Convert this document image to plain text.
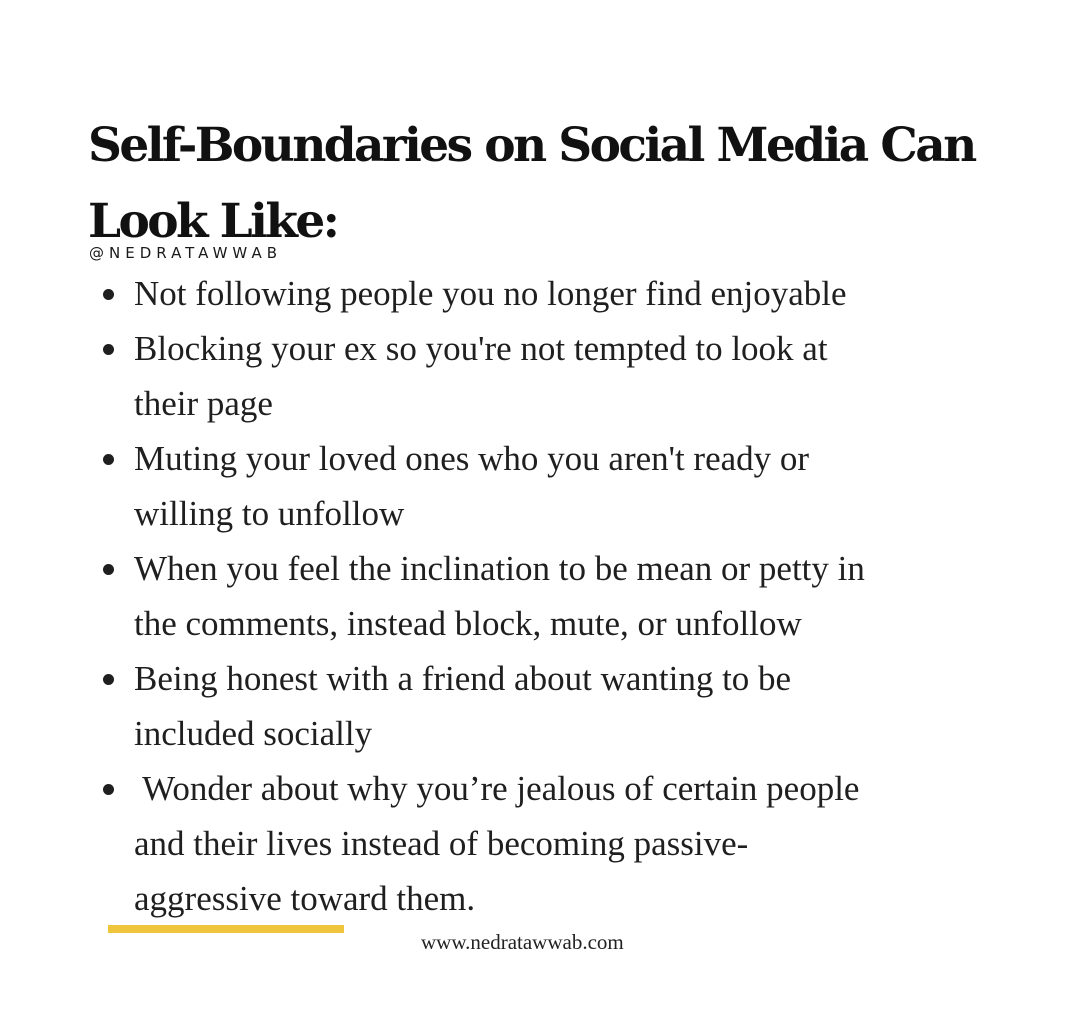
Self-Boundaries on Social Media Can
Look Like:
@NEDRATAWWAB
Not following people you no longer find enjoyable
Blocking your ex so you're not tempted to look at
their page
Muting your loved ones who you aren't ready or
willing to unfollow
When you feel the inclination to be mean or petty in
the comments, instead block, mute, or unfollow
Being honest with a friend about wanting to be
included socially
Wonder about why you’re jealous of certain people
and their lives instead of becoming passive-
aggressive toward them.
www.nedratawwab.com
